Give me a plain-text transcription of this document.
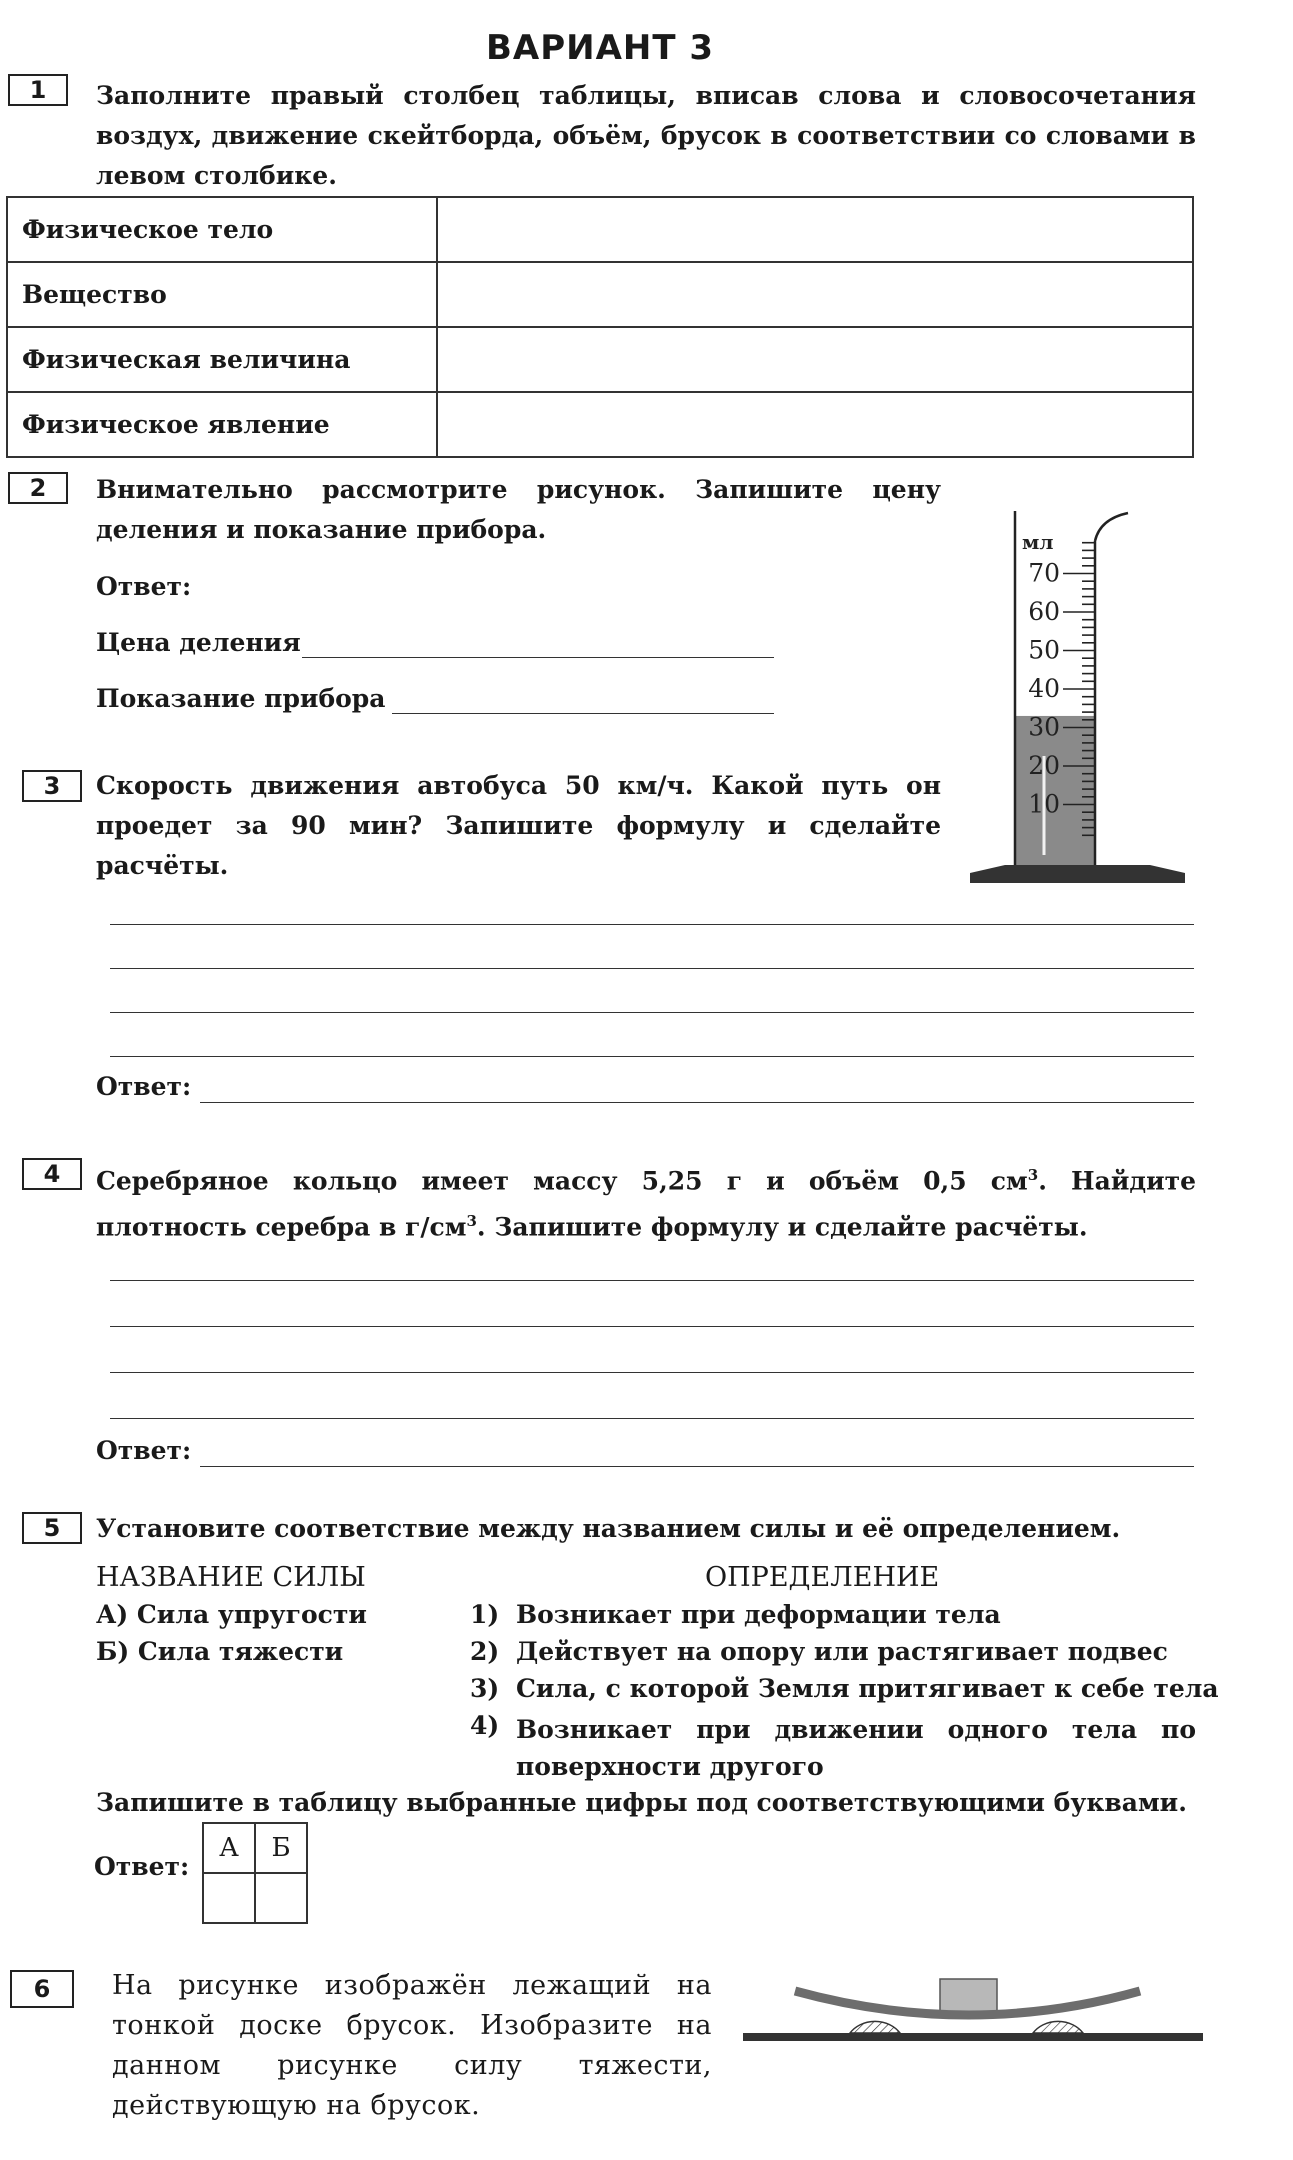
ВАРИАНТ 3
1	Заполните правый столбец таблицы, вписав слова и словосочетания воздух, движение скейтборда, объём, брусок в соответствии со словами в левом столбике.
Физическое тело	
Вещество	
Физическая величина	
Физическое явление	
2	Внимательно рассмотрите рисунок. Запишите цену деления и показание прибора.
Ответ:
Цена деления
Показание прибора
мл
70
60
50
40
30
20
10
3	Скорость движения автобуса 50 км/ч. Какой путь он проедет за 90 мин? Запишите формулу и сделайте расчёты.
Ответ:
4	Серебряное кольцо имеет массу 5,25 г и объём 0,5 $см^3$. Найдите плотность серебра в $г/см^3$. Запишите формулу и сделайте расчёты.
Ответ:
5	Установите соответствие между названием силы и её определением.
НАЗВАНИЕ СИЛЫ	ОПРЕДЕЛЕНИЕ
А) Сила упругости
Б) Сила тяжести
1) Возникает при деформации тела
2) Действует на опору или растягивает подвес
3) Сила, с которой Земля притягивает к себе тела
4) Возникает при движении одного тела по поверхности другого
Запишите в таблицу выбранные цифры под соответствующими буквами.
Ответ:
А	Б

6	На рисунке изображён лежащий на тонкой доске брусок. Изобразите на данном рисунке силу тяжести, действующую на брусок.
